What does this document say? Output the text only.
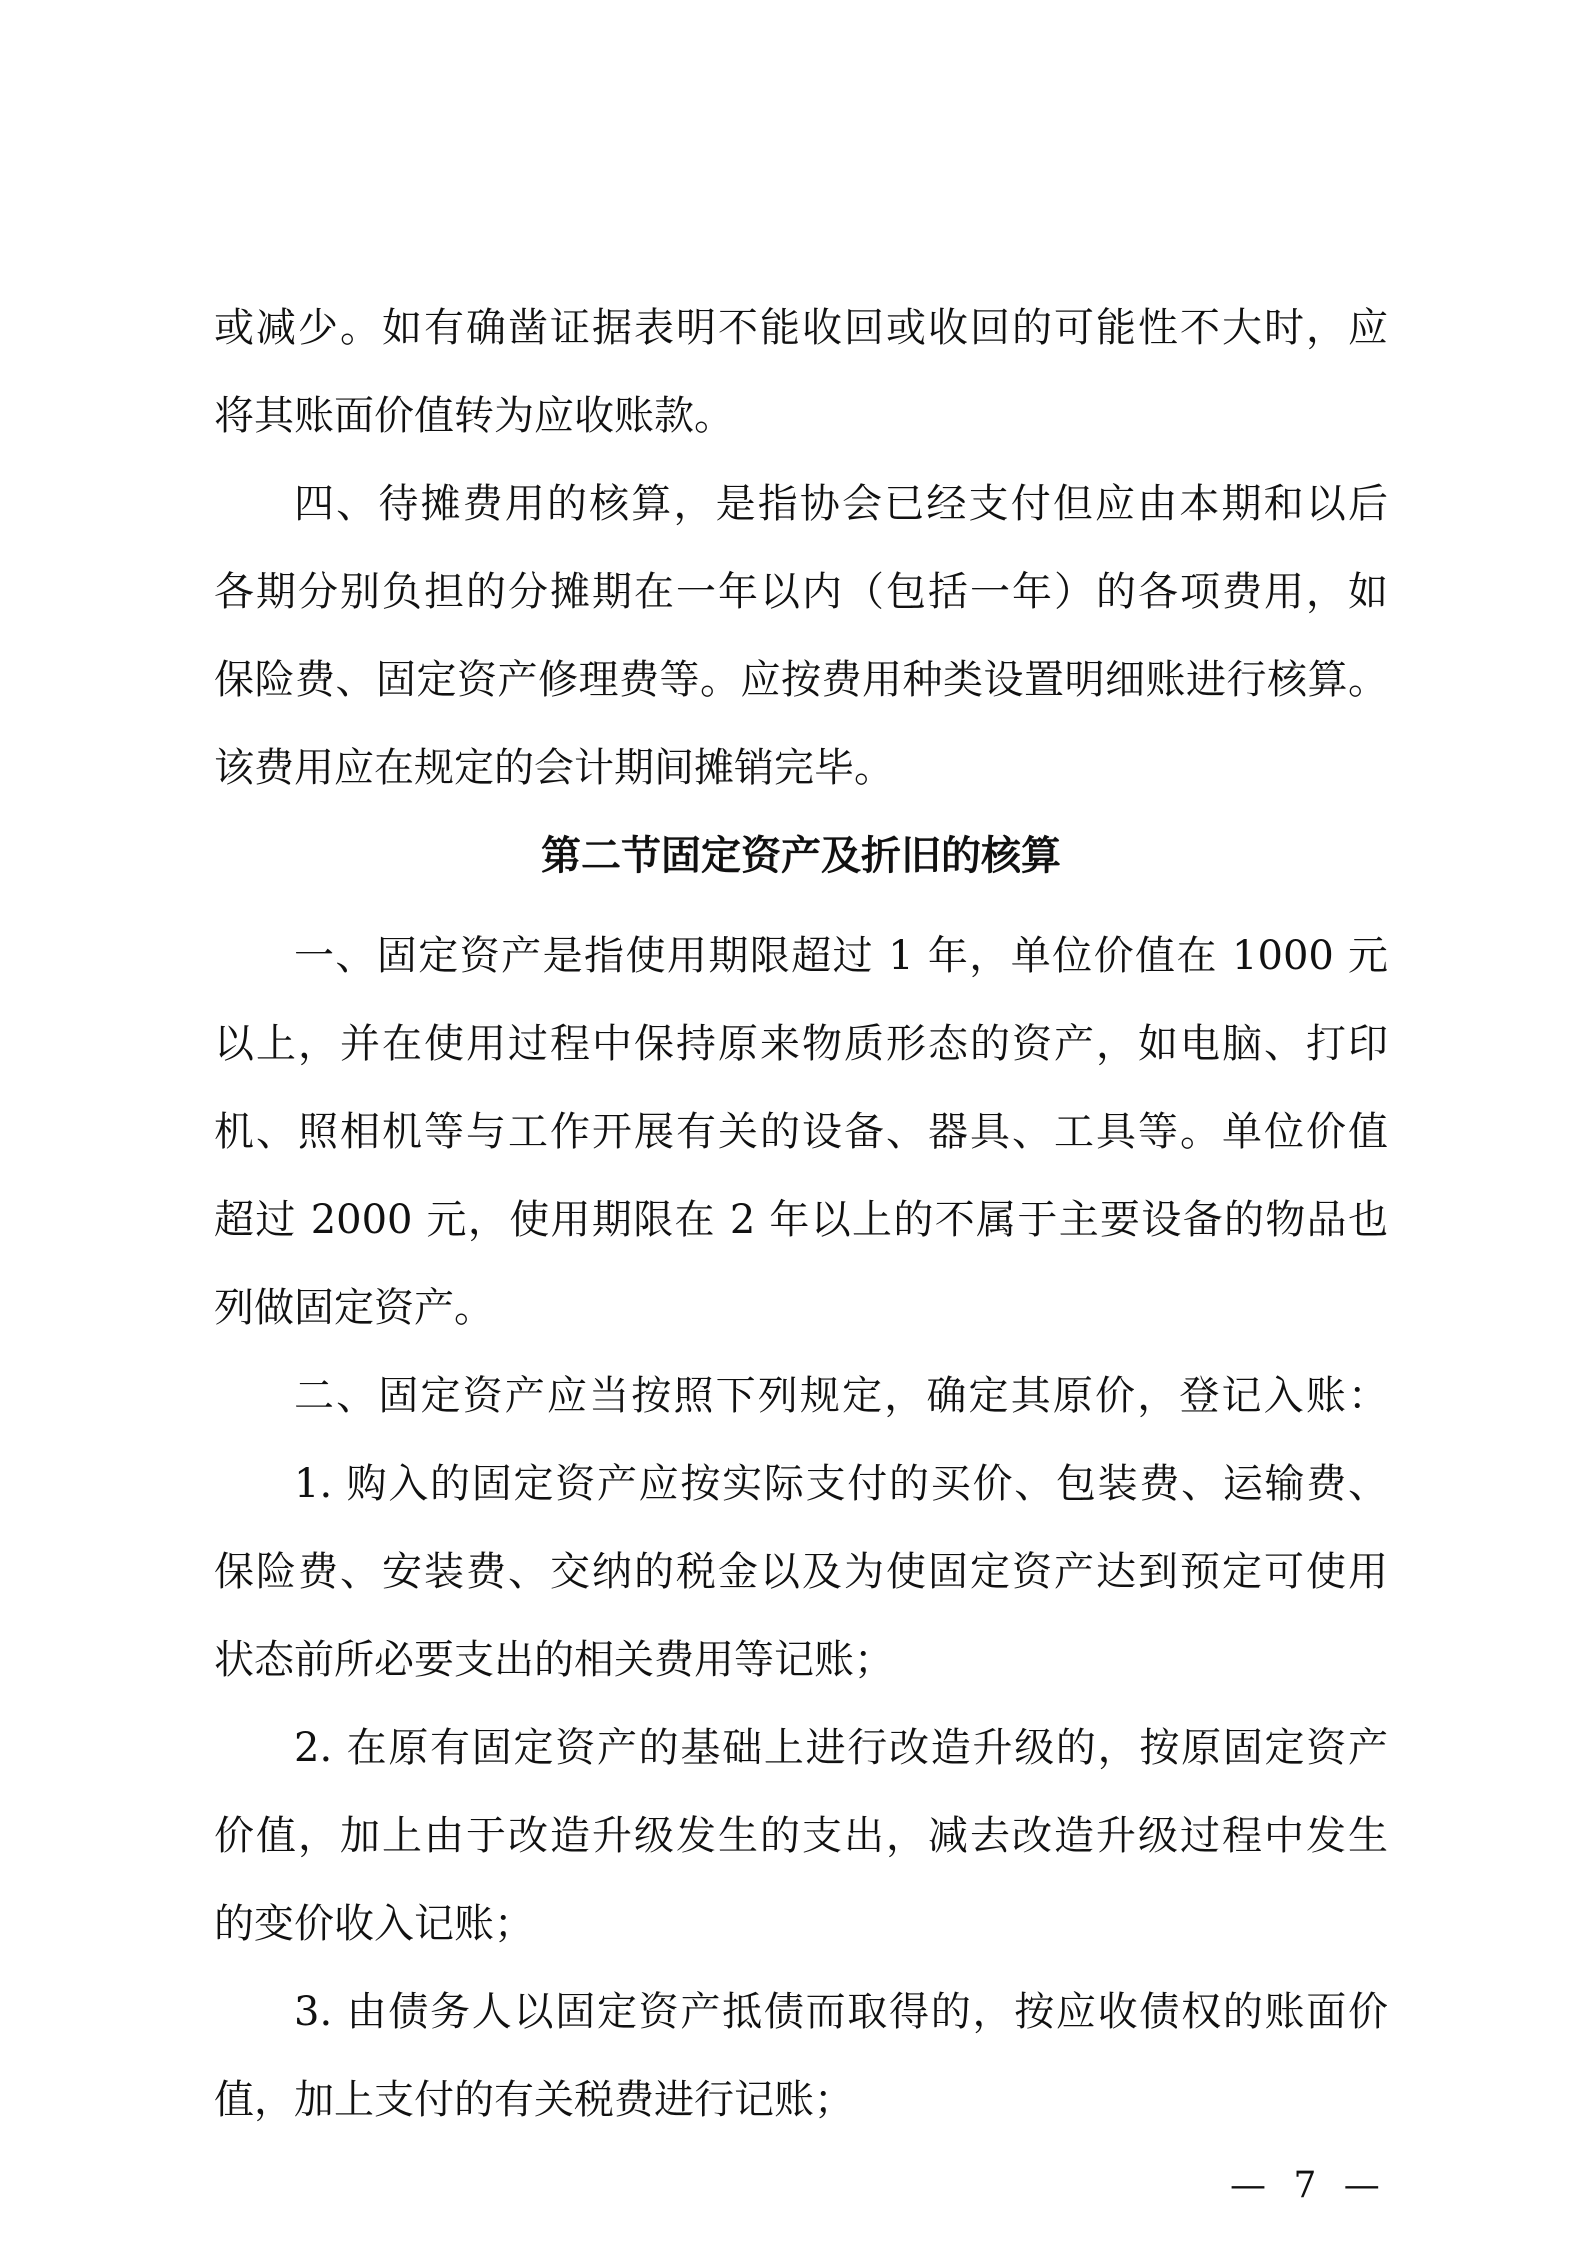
或减少。如有确凿证据表明不能收回或收回的可能性不大时，应
将其账面价值转为应收账款。
四、待摊费用的核算，是指协会已经支付但应由本期和以后
各期分别负担的分摊期在一年以内（包括一年）的各项费用，如
保险费、固定资产修理费等。应按费用种类设置明细账进行核算。
该费用应在规定的会计期间摊销完毕。
第二节固定资产及折旧的核算
一、固定资产是指使用期限超过 1 年，单位价值在 1000 元
以上，并在使用过程中保持原来物质形态的资产，如电脑、打印
机、照相机等与工作开展有关的设备、器具、工具等。单位价值
超过 2000 元，使用期限在 2 年以上的不属于主要设备的物品也
列做固定资产。
二、固定资产应当按照下列规定，确定其原价，登记入账：
1. 购入的固定资产应按实际支付的买价、包装费、运输费、
保险费、安装费、交纳的税金以及为使固定资产达到预定可使用
状态前所必要支出的相关费用等记账；
2. 在原有固定资产的基础上进行改造升级的，按原固定资产
价值，加上由于改造升级发生的支出，减去改造升级过程中发生
的变价收入记账；
3. 由债务人以固定资产抵债而取得的，按应收债权的账面价
值，加上支付的有关税费进行记账；
— 7 —
